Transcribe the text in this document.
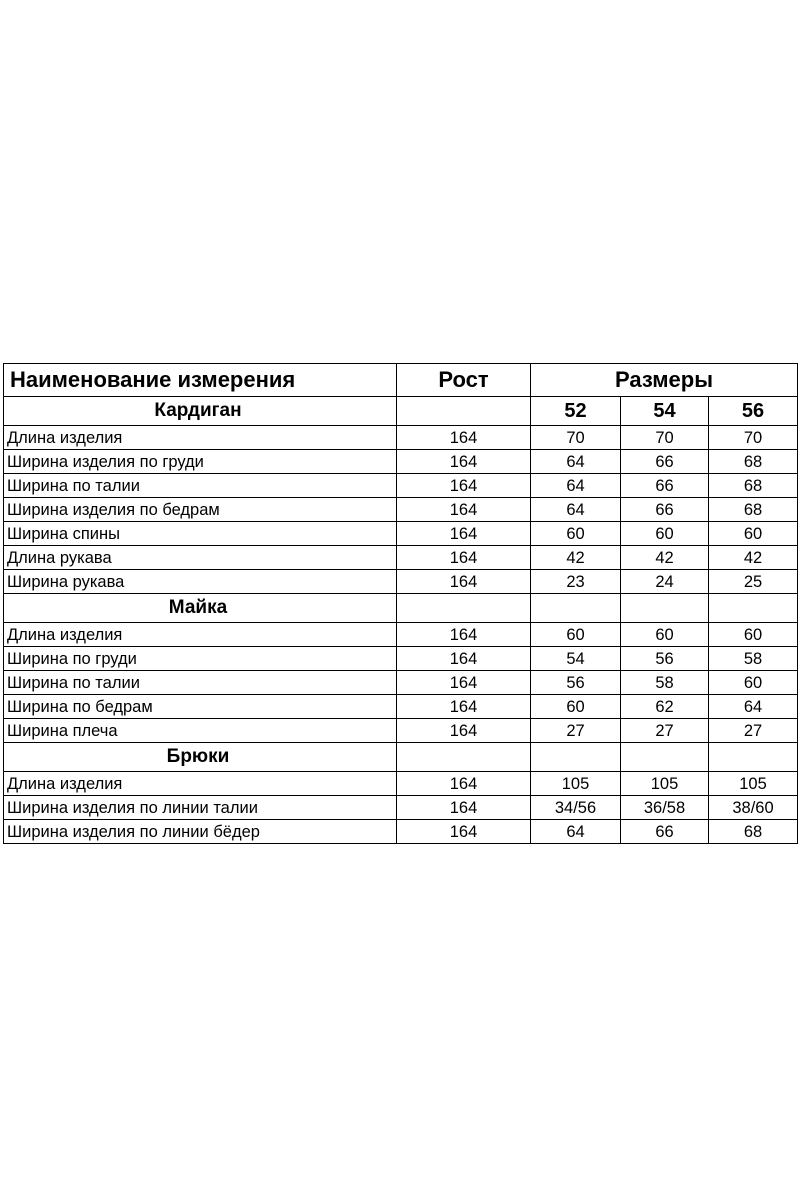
Наименование измерения	Рост	Размеры		
Кардиган		52	54	56
Длина изделия	164	70	70	70
Ширина изделия по груди	164	64	66	68
Ширина по талии	164	64	66	68
Ширина изделия по бедрам	164	64	66	68
Ширина спины	164	60	60	60
Длина рукава	164	42	42	42
Ширина рукава	164	23	24	25
Майка				
Длина изделия	164	60	60	60
Ширина по груди	164	54	56	58
Ширина по талии	164	56	58	60
Ширина по бедрам	164	60	62	64
Ширина плеча	164	27	27	27
Брюки				
Длина изделия	164	105	105	105
Ширина изделия по линии талии	164	34/56	36/58	38/60
Ширина изделия по линии бёдер	164	64	66	68
